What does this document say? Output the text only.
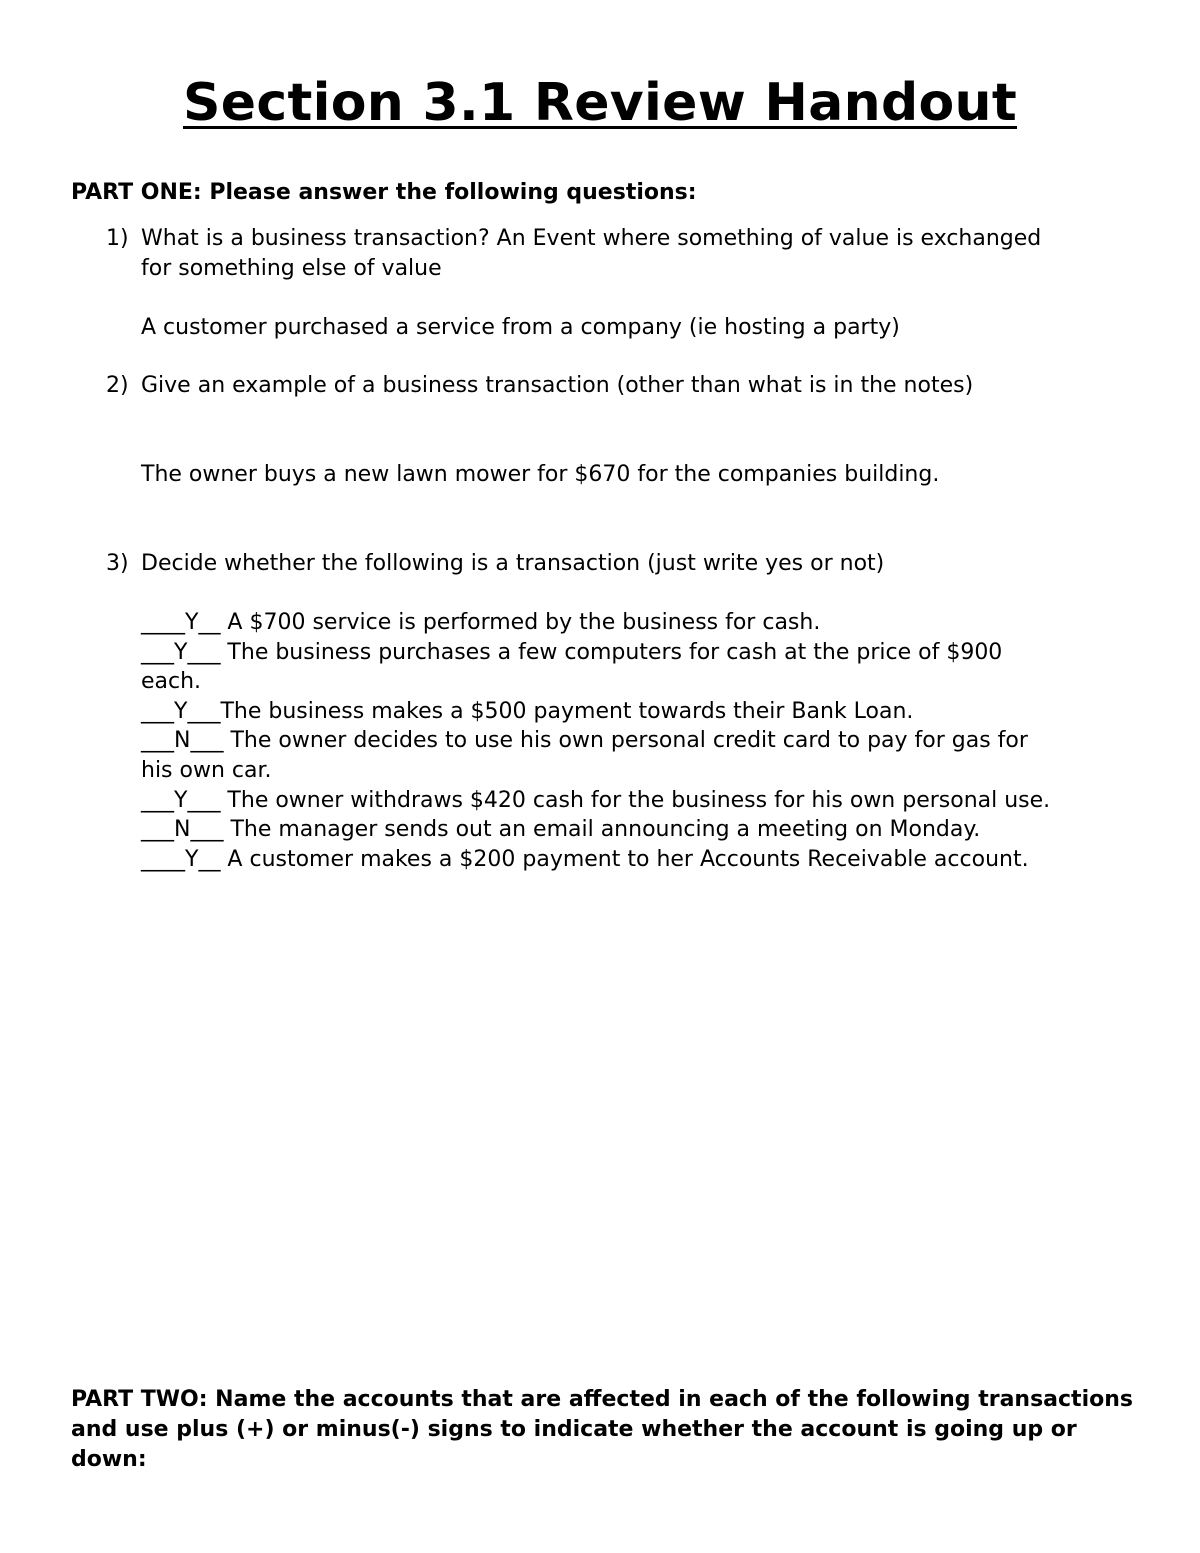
Section 3.1 Review Handout

PART ONE: Please answer the following questions:

1) What is a business transaction? An Event where something of value is exchanged

for something else of value

A customer purchased a service from a company (ie hosting a party)

2) Give an example of a business transaction (other than what is in the notes)

The owner buys a new lawn mower for $670 for the companies building.

3) Decide whether the following is a transaction (just write yes or not)

____Y__ A $700 service is performed by the business for cash.
___Y___ The business purchases a few computers for cash at the price of $900
each.
___Y___The business makes a $500 payment towards their Bank Loan.
___N___ The owner decides to use his own personal credit card to pay for gas for
his own car.
___Y___ The owner withdraws $420 cash for the business for his own personal use.
___N___ The manager sends out an email announcing a meeting on Monday.
____Y__ A customer makes a $200 payment to her Accounts Receivable account.

PART TWO: Name the accounts that are affected in each of the following transactions and use plus (+) or minus(-) signs to indicate whether the account is going up or down:
